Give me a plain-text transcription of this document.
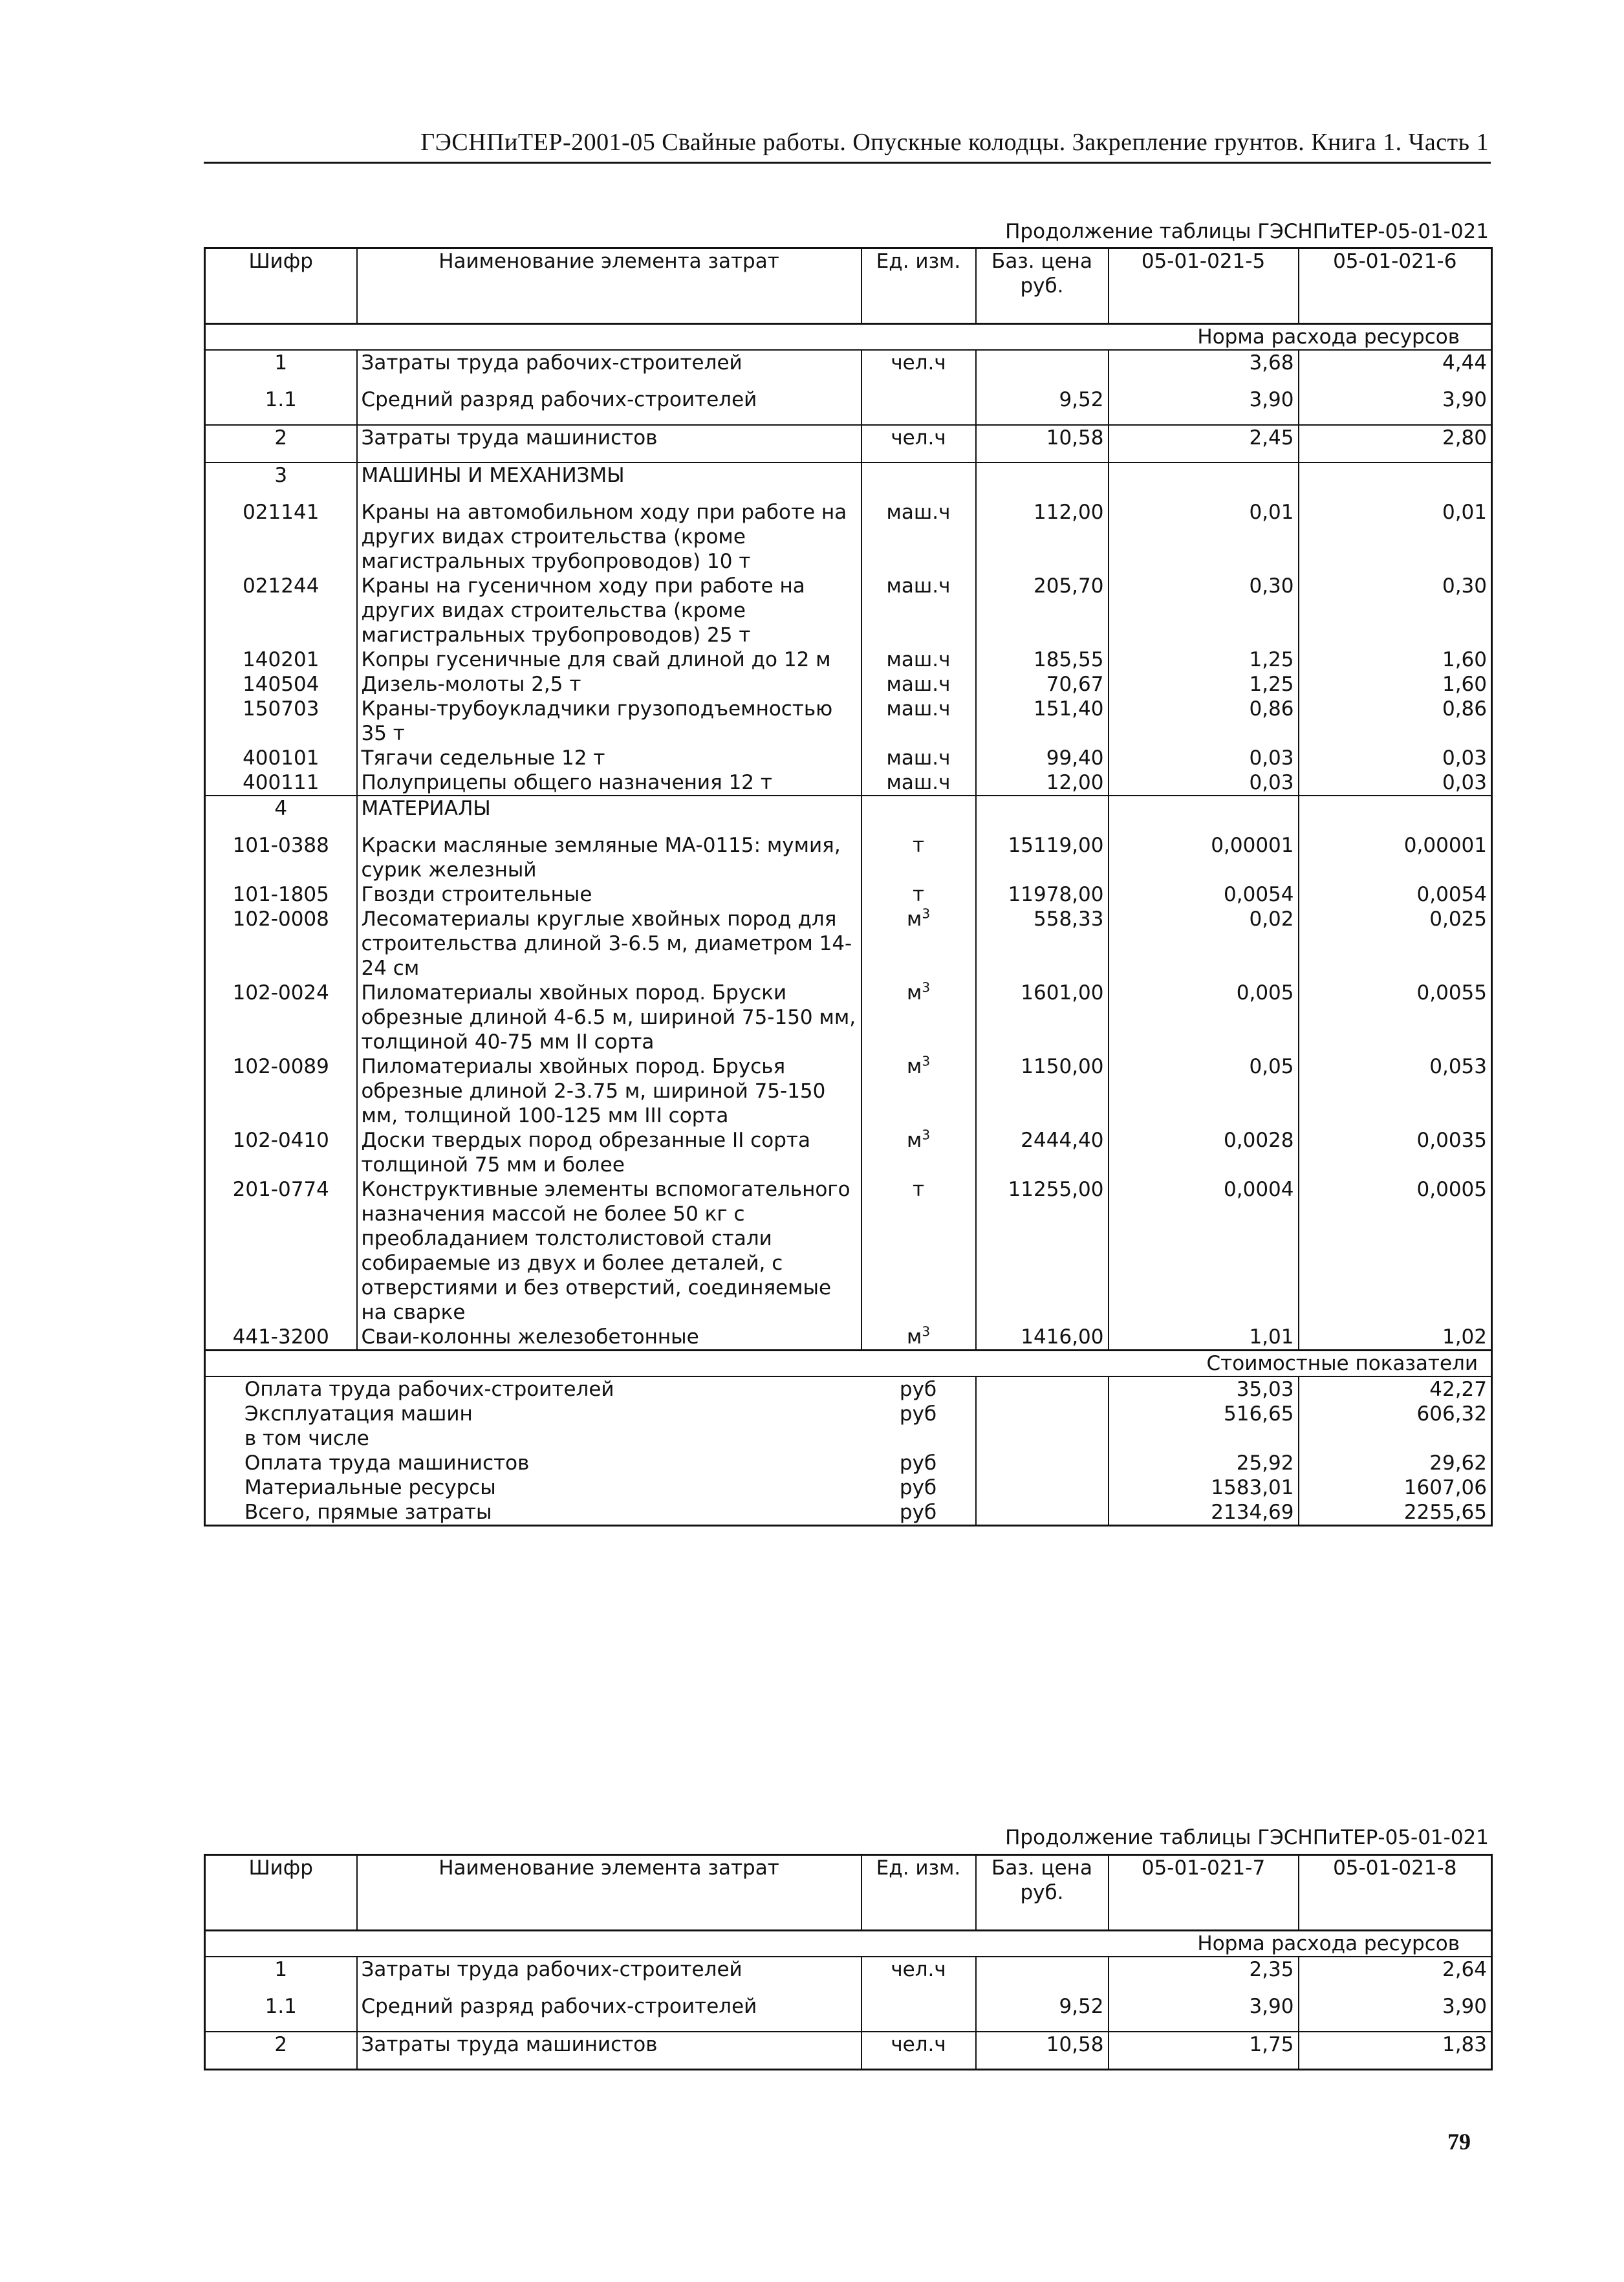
ГЭСНПиТЕР-2001-05 Свайные работы. Опускные колодцы. Закрепление грунтов. Книга 1. Часть 1
Продолжение таблицы ГЭСНПиТЕР-05-01-021
Шифр	Наименование элемента затрат	Ед. изм.	Баз. цена руб.	05-01-021-5	05-01-021-6
Норма расхода ресурсов					
1	Затраты труда рабочих-строителей	чел.ч		3,68	4,44
1.1	Средний разряд рабочих-строителей		9,52	3,90	3,90
2	Затраты труда машинистов	чел.ч	10,58	2,45	2,80
3	МАШИНЫ И МЕХАНИЗМЫ				
021141	Краны на автомобильном ходу при работе на других видах строительства (кроме магистральных трубопроводов) 10 т	маш.ч	112,00	0,01	0,01
021244	Краны на гусеничном ходу при работе на других видах строительства (кроме магистральных трубопроводов) 25 т	маш.ч	205,70	0,30	0,30
140201	Копры гусеничные для свай длиной до 12 м	маш.ч	185,55	1,25	1,60
140504	Дизель-молоты 2,5 т	маш.ч	70,67	1,25	1,60
150703	Краны-трубоукладчики грузоподъемностью 35 т	маш.ч	151,40	0,86	0,86
400101	Тягачи седельные 12 т	маш.ч	99,40	0,03	0,03
400111	Полуприцепы общего назначения 12 т	маш.ч	12,00	0,03	0,03
4	МАТЕРИАЛЫ				
101-0388	Краски масляные земляные МА-0115: мумия, сурик железный	т	15119,00	0,00001	0,00001
101-1805	Гвозди строительные	т	11978,00	0,0054	0,0054
102-0008	Лесоматериалы круглые хвойных пород для строительства длиной 3-6.5 м, диаметром 14-24 см	$м^3$	558,33	0,02	0,025
102-0024	Пиломатериалы хвойных пород. Бруски обрезные длиной 4-6.5 м, шириной 75-150 мм, толщиной 40-75 мм II сорта	$м^3$	1601,00	0,005	0,0055
102-0089	Пиломатериалы хвойных пород. Брусья обрезные длиной 2-3.75 м, шириной 75-150 мм, толщиной 100-125 мм III сорта	$м^3$	1150,00	0,05	0,053
102-0410	Доски твердых пород обрезанные II сорта толщиной 75 мм и более	$м^3$	2444,40	0,0028	0,0035
201-0774	Конструктивные элементы вспомогательного назначения массой не более 50 кг с преобладанием толстолистовой стали собираемые из двух и более деталей, с отверстиями и без отверстий, соединяемые на сварке	т	11255,00	0,0004	0,0005
441-3200	Сваи-колонны железобетонные	$м^3$	1416,00	1,01	1,02
Стоимостные показатели					
Оплата труда рабочих-строителей		руб		35,03	42,27
Эксплуатация машин		руб		516,65	606,32
в том числе					
Оплата труда машинистов		руб		25,92	29,62
Материальные ресурсы		руб		1583,01	1607,06
Всего, прямые затраты		руб		2134,69	2255,65
Продолжение таблицы ГЭСНПиТЕР-05-01-021
Шифр	Наименование элемента затрат	Ед. изм.	Баз. цена руб.	05-01-021-7	05-01-021-8
Норма расхода ресурсов					
1	Затраты труда рабочих-строителей	чел.ч		2,35	2,64
1.1	Средний разряд рабочих-строителей		9,52	3,90	3,90
2	Затраты труда машинистов	чел.ч	10,58	1,75	1,83
79
